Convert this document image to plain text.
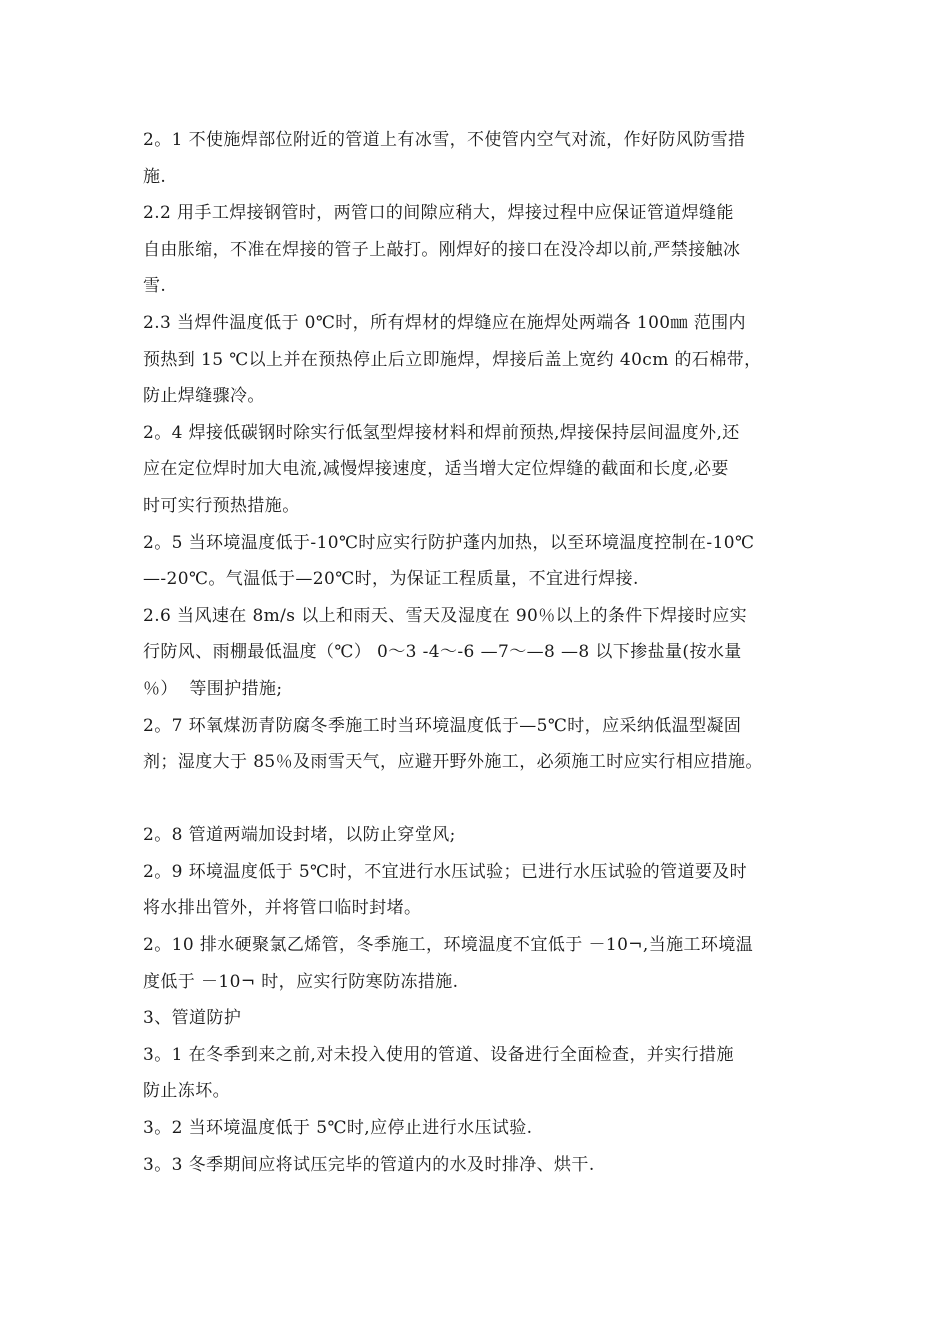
2。1 不使施焊部位附近的管道上有冰雪，不使管内空气对流，作好防风防雪措
施.
2.2 用手工焊接钢管时，两管口的间隙应稍大，焊接过程中应保证管道焊缝能
自由胀缩，不准在焊接的管子上敲打。刚焊好的接口在没冷却以前,严禁接触冰
雪.
2.3 当焊件温度低于 0℃时，所有焊材的焊缝应在施焊处两端各 100㎜ 范围内
预热到 15 ℃以上并在预热停止后立即施焊，焊接后盖上宽约 40cm 的石棉带，
防止焊缝骤冷。
2。4 焊接低碳钢时除实行低氢型焊接材料和焊前预热,焊接保持层间温度外,还
应在定位焊时加大电流,减慢焊接速度，适当增大定位焊缝的截面和长度,必要
时可实行预热措施。
2。5 当环境温度低于-10℃时应实行防护蓬内加热，以至环境温度控制在-10℃
—-20℃。气温低于—20℃时，为保证工程质量，不宜进行焊接.
2.6 当风速在 8m/s 以上和雨天、雪天及湿度在 90％以上的条件下焊接时应实
行防风、雨棚最低温度（℃） 0～3 -4～-6 —7～—8 —8 以下掺盐量(按水量
％）  等围护措施;
2。7 环氧煤沥青防腐冬季施工时当环境温度低于—5℃时，应采纳低温型凝固
剂；湿度大于 85％及雨雪天气，应避开野外施工，必须施工时应实行相应措施。
2。8 管道两端加设封堵，以防止穿堂风;
2。9 环境温度低于 5℃时，不宜进行水压试验；已进行水压试验的管道要及时
将水排出管外，并将管口临时封堵。
2。10 排水硬聚氯乙烯管，冬季施工，环境温度不宜低于 －10¬,当施工环境温
度低于 －10¬ 时，应实行防寒防冻措施.
3、管道防护
3。1 在冬季到来之前,对未投入使用的管道、设备进行全面检查，并实行措施
防止冻坏。
3。2 当环境温度低于 5℃时,应停止进行水压试验.
3。3 冬季期间应将试压完毕的管道内的水及时排净、烘干.
